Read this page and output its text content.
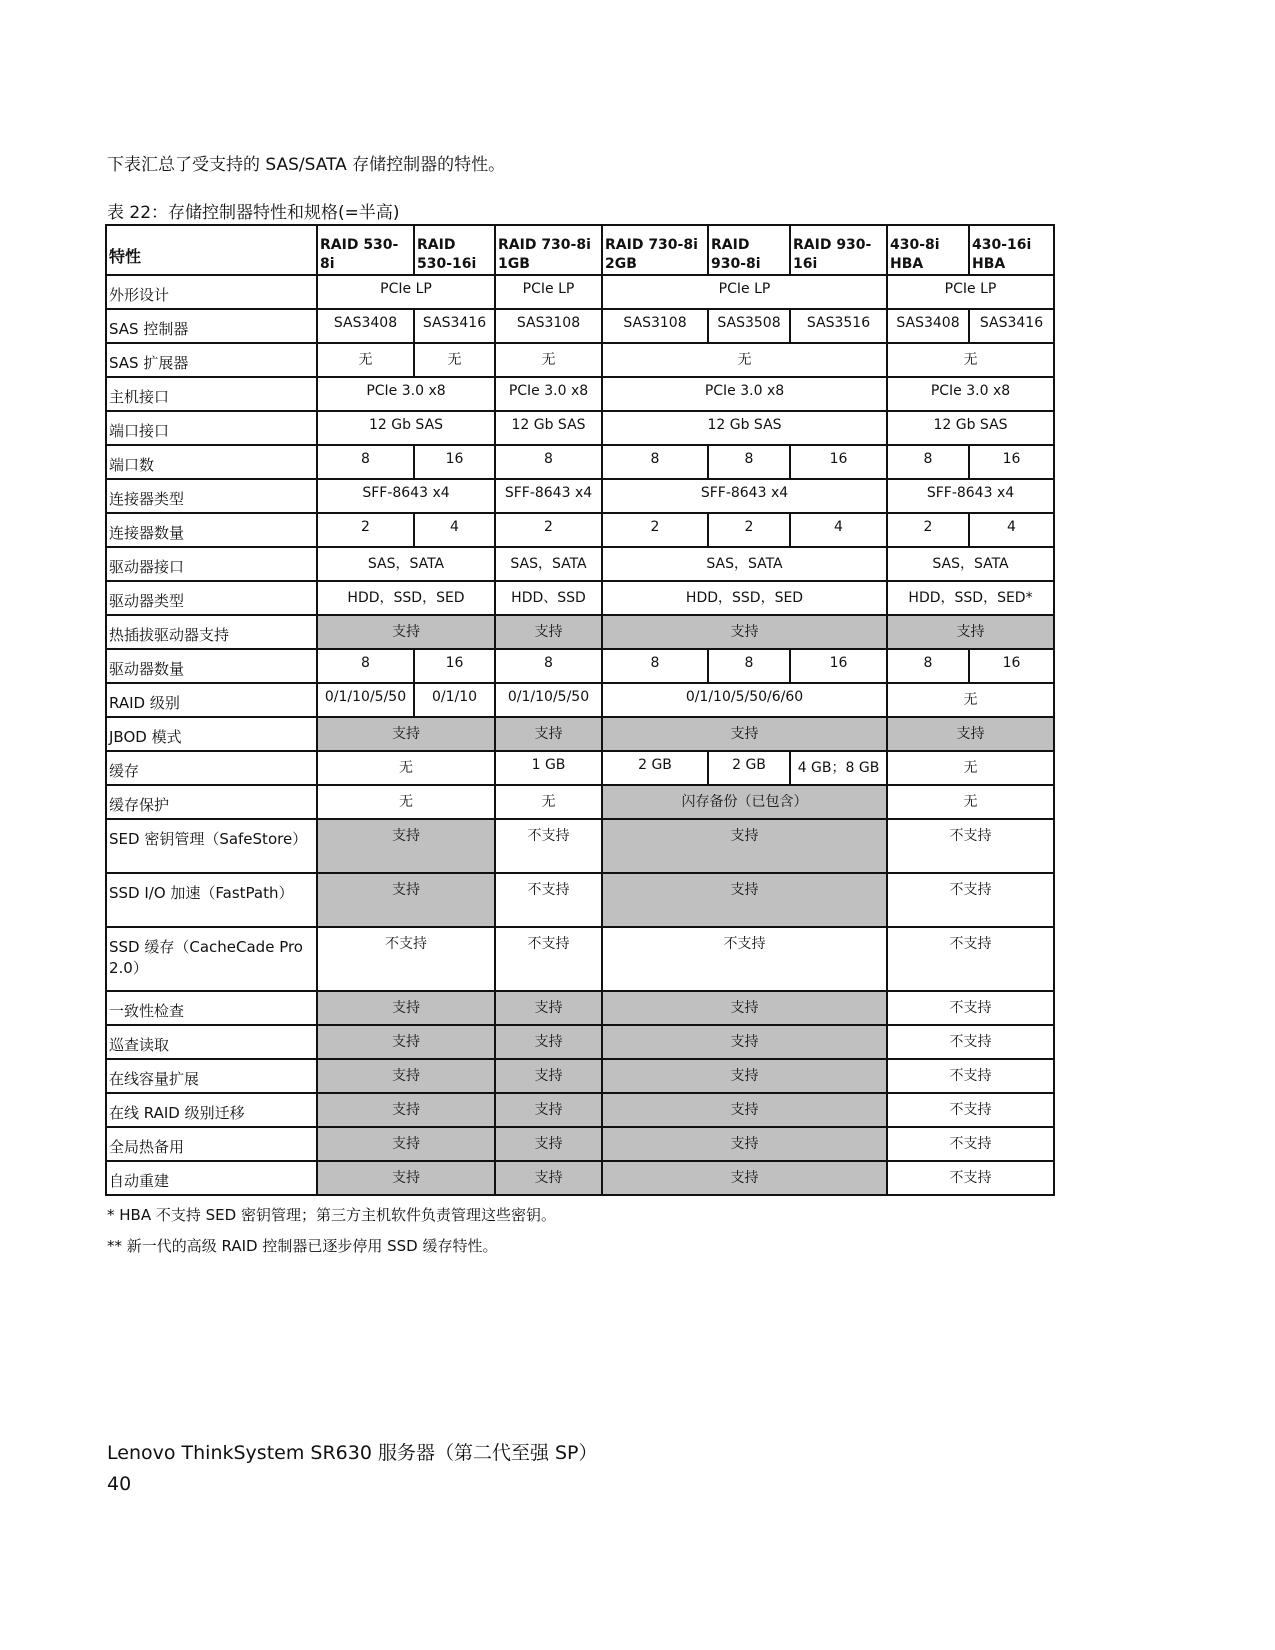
下表汇总了受支持的 SAS/SATA 存储控制器的特性。
表 22：存储控制器特性和规格(=半高)
特性	RAID 530-8i	RAID 530-16i	RAID 730-8i 1GB	RAID 730-8i 2GB	RAID 930-8i	RAID 930-16i	430-8i HBA	430-16i HBA
外形设计	PCIe LP		PCIe LP	PCIe LP			PCIe LP	
SAS 控制器	SAS3408	SAS3416	SAS3108	SAS3108	SAS3508	SAS3516	SAS3408	SAS3416
SAS 扩展器	无	无	无	无			无	
主机接口	PCIe 3.0 x8		PCIe 3.0 x8	PCIe 3.0 x8			PCIe 3.0 x8	
端口接口	12 Gb SAS		12 Gb SAS	12 Gb SAS			12 Gb SAS	
端口数	8	16	8	8	8	16	8	16
连接器类型	SFF-8643 x4		SFF-8643 x4	SFF-8643 x4			SFF-8643 x4	
连接器数量	2	4	2	2	2	4	2	4
驱动器接口	SAS，SATA		SAS，SATA	SAS，SATA			SAS，SATA	
驱动器类型	HDD，SSD，SED		HDD、SSD	HDD，SSD，SED			HDD，SSD，SED*	
热插拔驱动器支持	支持		支持	支持			支持	
驱动器数量	8	16	8	8	8	16	8	16
RAID 级别	0/1/10/5/50	0/1/10	0/1/10/5/50	0/1/10/5/50/6/60			无	
JBOD 模式	支持		支持	支持			支持	
缓存	无		1 GB	2 GB	2 GB	4 GB；8 GB	无	
缓存保护	无		无	闪存备份（已包含）			无	
SED 密钥管理（SafeStore）	支持		不支持	支持			不支持	
SSD I/O 加速（FastPath）	支持		不支持	支持			不支持	
SSD 缓存（CacheCade Pro 2.0）	不支持		不支持	不支持			不支持	
一致性检查	支持		支持	支持			不支持	
巡查读取	支持		支持	支持			不支持	
在线容量扩展	支持		支持	支持			不支持	
在线 RAID 级别迁移	支持		支持	支持			不支持	
全局热备用	支持		支持	支持			不支持	
自动重建	支持		支持	支持			不支持	
* HBA 不支持 SED 密钥管理；第三方主机软件负责管理这些密钥。
** 新一代的高级 RAID 控制器已逐步停用 SSD 缓存特性。
Lenovo ThinkSystem SR630 服务器（第二代至强 SP）
40
